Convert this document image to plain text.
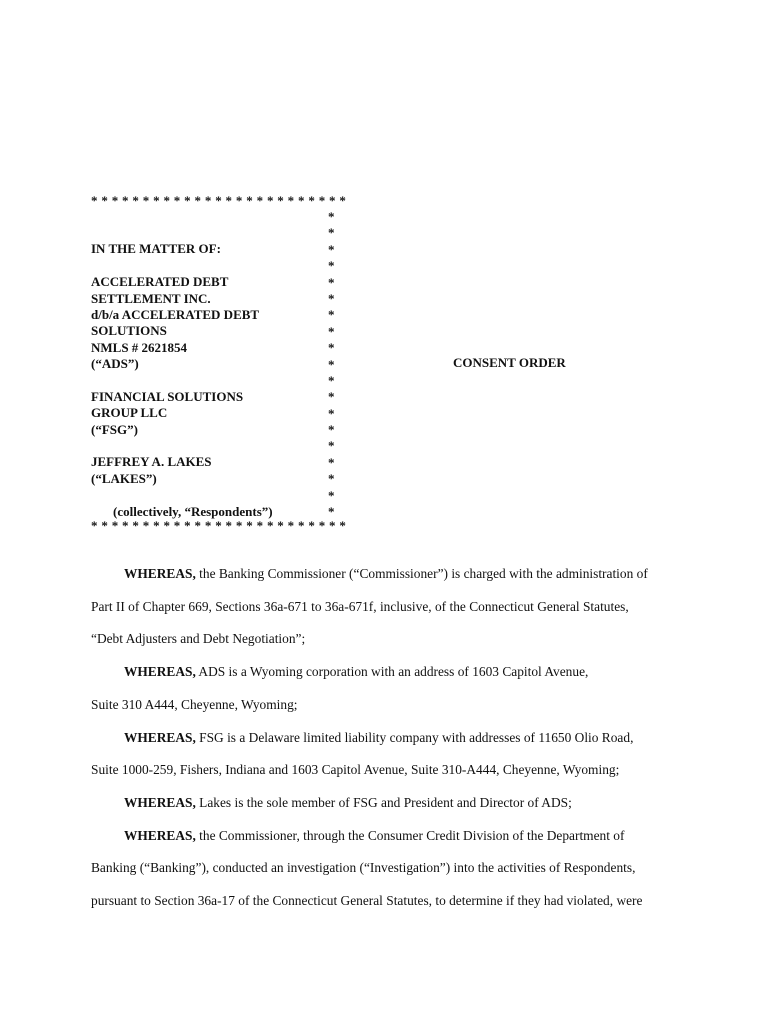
* * * * * * * * * * * * * * * * * * * * * * * * *
IN THE MATTER OF:
ACCELERATED DEBT
SETTLEMENT INC.
d/b/a ACCELERATED DEBT
SOLUTIONS
NMLS # 2621854
(“ADS”)
FINANCIAL SOLUTIONS
GROUP LLC
(“FSG”)
JEFFREY A. LAKES
(“LAKES”)
(collectively, “Respondents”)
*
*
*
*
*
*
*
*
*
*
*
*
*
*
*
*
*
*
*
CONSENT ORDER
* * * * * * * * * * * * * * * * * * * * * * * * *
WHEREAS, the Banking Commissioner (“Commissioner”) is charged with the administration of
Part II of Chapter 669, Sections 36a-671 to 36a-671f, inclusive, of the Connecticut General Statutes,
“Debt Adjusters and Debt Negotiation”;
WHEREAS, ADS is a Wyoming corporation with an address of 1603 Capitol Avenue,
Suite 310 A444, Cheyenne, Wyoming;
WHEREAS, FSG is a Delaware limited liability company with addresses of 11650 Olio Road,
Suite 1000-259, Fishers, Indiana and 1603 Capitol Avenue, Suite 310-A444, Cheyenne, Wyoming;
WHEREAS, Lakes is the sole member of FSG and President and Director of ADS;
WHEREAS, the Commissioner, through the Consumer Credit Division of the Department of
Banking (“Banking”), conducted an investigation (“Investigation”) into the activities of Respondents,
pursuant to Section 36a-17 of the Connecticut General Statutes, to determine if they had violated, were
